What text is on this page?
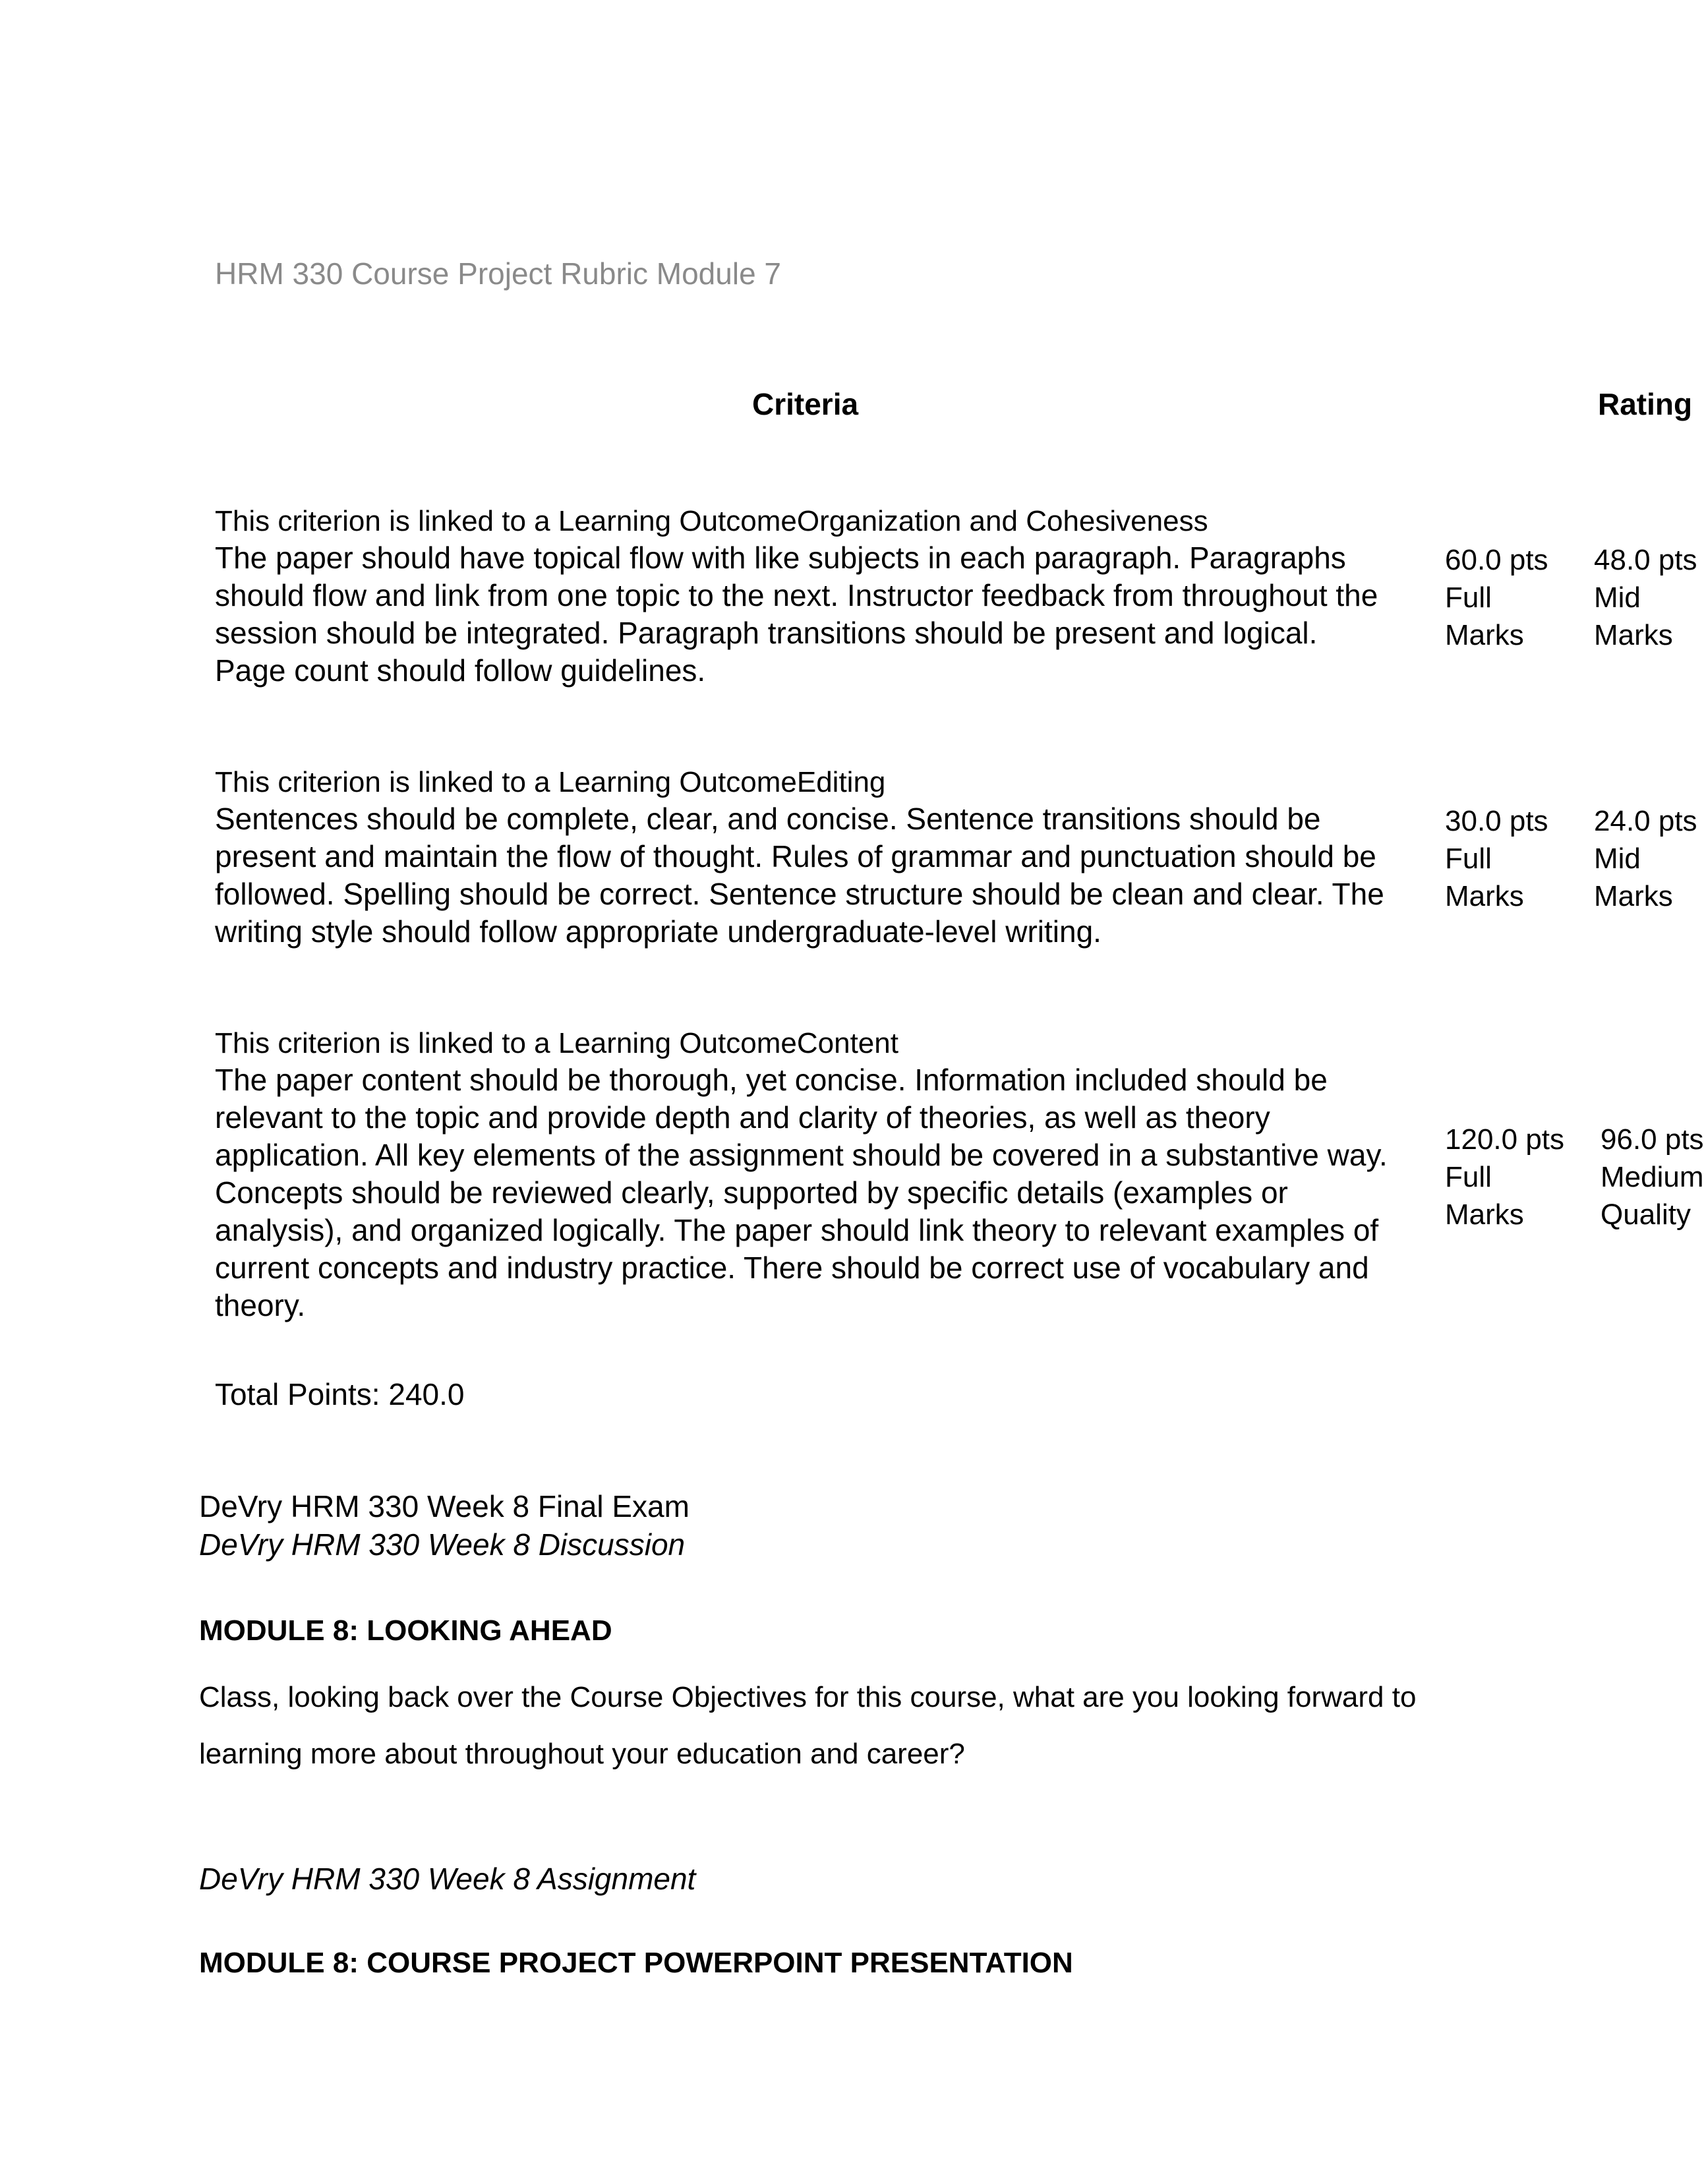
HRM 330 Course Project Rubric Module 7
Criteria	Rating
This criterion is linked to a Learning OutcomeOrganization and Cohesiveness
The paper should have topical flow with like subjects in each paragraph. Paragraphs
should flow and link from one topic to the next. Instructor feedback from throughout the
session should be integrated. Paragraph transitions should be present and logical.
Page count should follow guidelines.
60.0 pts
Full
Marks
48.0 pts
Mid
Marks
This criterion is linked to a Learning OutcomeEditing
Sentences should be complete, clear, and concise. Sentence transitions should be
present and maintain the flow of thought. Rules of grammar and punctuation should be
followed. Spelling should be correct. Sentence structure should be clean and clear. The
writing style should follow appropriate undergraduate-level writing.
30.0 pts
Full
Marks
24.0 pts
Mid
Marks
This criterion is linked to a Learning OutcomeContent
The paper content should be thorough, yet concise. Information included should be
relevant to the topic and provide depth and clarity of theories, as well as theory
application. All key elements of the assignment should be covered in a substantive way.
Concepts should be reviewed clearly, supported by specific details (examples or
analysis), and organized logically. The paper should link theory to relevant examples of
current concepts and industry practice. There should be correct use of vocabulary and
theory.
120.0 pts
Full
Marks
96.0 pts
Medium
Quality
Total Points: 240.0
DeVry HRM 330 Week 8 Final Exam
DeVry HRM 330 Week 8 Discussion
MODULE 8: LOOKING AHEAD
Class, looking back over the Course Objectives for this course, what are you looking forward to
learning more about throughout your education and career?
DeVry HRM 330 Week 8 Assignment
MODULE 8: COURSE PROJECT POWERPOINT PRESENTATION
